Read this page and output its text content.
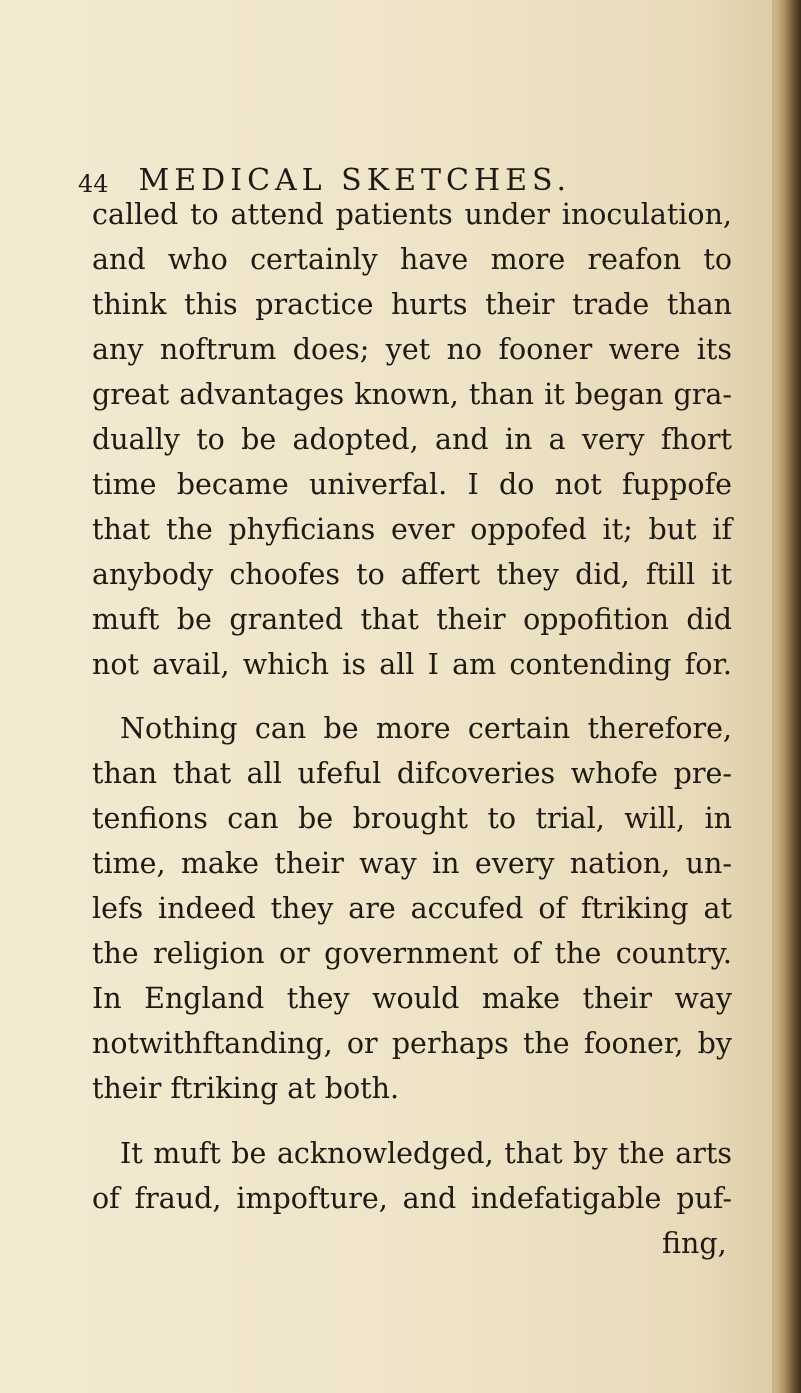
44 MEDICAL SKETCHES.
called to attend patients under inoculation,
and who certainly have more reafon to
think this practice hurts their trade than
any noftrum does; yet no fooner were its
great advantages known, than it began gra-
dually to be adopted, and in a very fhort
time became univerfal. I do not fuppofe
that the phyficians ever oppofed it; but if
anybody choofes to affert they did, ftill it
muft be granted that their oppofition did
not avail, which is all I am contending for.
Nothing can be more certain therefore,
than that all ufeful difcoveries whofe pre-
tenfions can be brought to trial, will, in
time, make their way in every nation, un-
lefs indeed they are accufed of ftriking at
the religion or government of the country.
In England they would make their way
notwithftanding, or perhaps the fooner, by
their ftriking at both.
It muft be acknowledged, that by the arts
of fraud, impofture, and indefatigable puf-
fing,
